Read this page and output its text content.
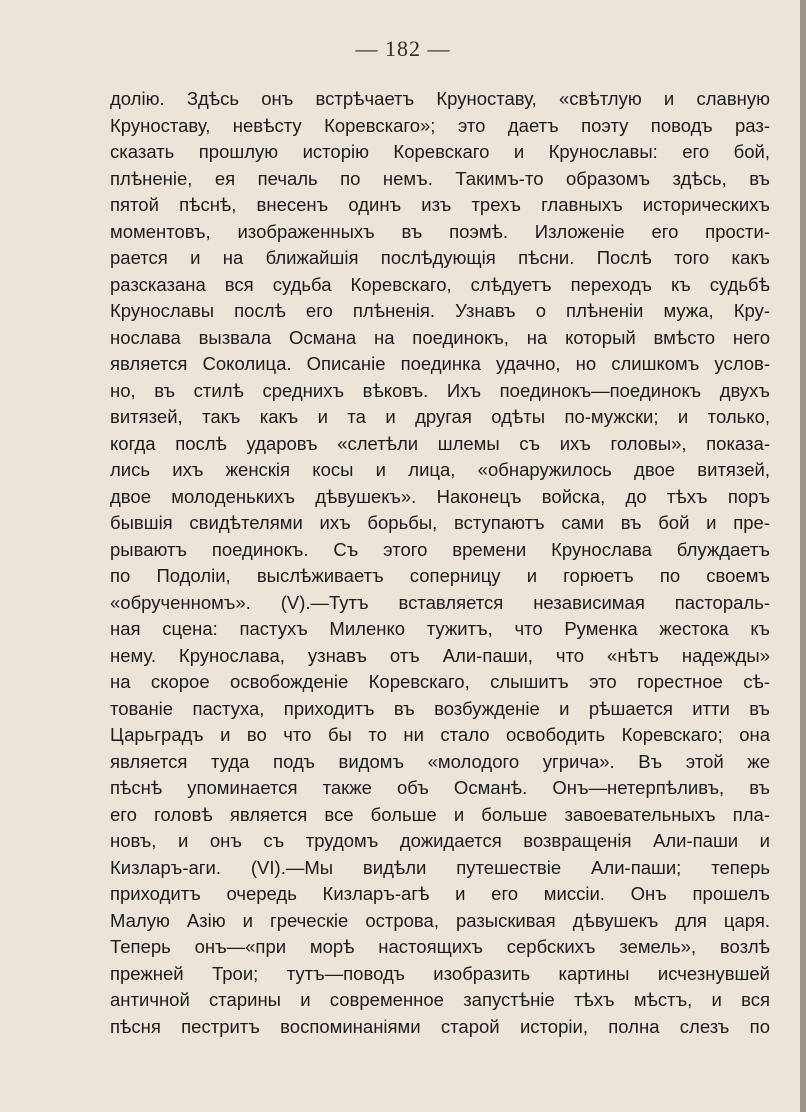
— 182 —
долію. Здѣсь онъ встрѣчаетъ Круноставу, «свѣтлую и славную
Круноставу, невѣсту Коревскаго»; это даетъ поэту поводъ раз-
сказать прошлую исторію Коревскаго и Крунославы: его бой,
плѣненіе, ея печаль по немъ. Такимъ-то образомъ здѣсь, въ
пятой пѣснѣ, внесенъ одинъ изъ трехъ главныхъ историческихъ
моментовъ, изображенныхъ въ поэмѣ. Изложеніе его прости-
рается и на ближайшія послѣдующія пѣсни. Послѣ того какъ
разсказана вся судьба Коревскаго, слѣдуетъ переходъ къ судьбѣ
Крунославы послѣ его плѣненія. Узнавъ о плѣненіи мужа, Кру-
нослава вызвала Османа на поединокъ, на который вмѣсто него
является Соколица. Описаніе поединка удачно, но слишкомъ услов-
но, въ стилѣ среднихъ вѣковъ. Ихъ поединокъ—поединокъ двухъ
витязей, такъ какъ и та и другая одѣты по-мужски; и только,
когда послѣ ударовъ «слетѣли шлемы съ ихъ головы», показа-
лись ихъ женскія косы и лица, «обнаружилось двое витязей,
двое молоденькихъ дѣвушекъ». Наконецъ войска, до тѣхъ поръ
бывшія свидѣтелями ихъ борьбы, вступаютъ сами въ бой и пре-
рываютъ поединокъ. Съ этого времени Крунослава блуждаетъ
по Подоліи, выслѣживаетъ соперницу и горюетъ по своемъ
«обрученномъ». (V).—Тутъ вставляется независимая пастораль-
ная сцена: пастухъ Миленко тужитъ, что Руменка жестока къ
нему. Крунослава, узнавъ отъ Али-паши, что «нѣтъ надежды»
на скорое освобожденіе Коревскаго, слышитъ это горестное сѣ-
тованіе пастуха, приходитъ въ возбужденіе и рѣшается итти въ
Царьградъ и во что бы то ни стало освободить Коревскаго; она
является туда подъ видомъ «молодого угрича». Въ этой же
пѣснѣ упоминается также объ Османѣ. Онъ—нетерпѣливъ, въ
его головѣ является все больше и больше завоевательныхъ пла-
новъ, и онъ съ трудомъ дожидается возвращенія Али-паши и
Кизларъ-аги. (VI).—Мы видѣли путешествіе Али-паши; теперь
приходитъ очередь Кизларъ-агѣ и его миссіи. Онъ прошелъ
Малую Азію и греческіе острова, разыскивая дѣвушекъ для царя.
Теперь онъ—«при морѣ настоящихъ сербскихъ земель», возлѣ
прежней Трои; тутъ—поводъ изобразить картины исчезнувшей
античной старины и современное запустѣніе тѣхъ мѣстъ, и вся
пѣсня пестритъ воспоминаніями старой исторіи, полна слезъ по
